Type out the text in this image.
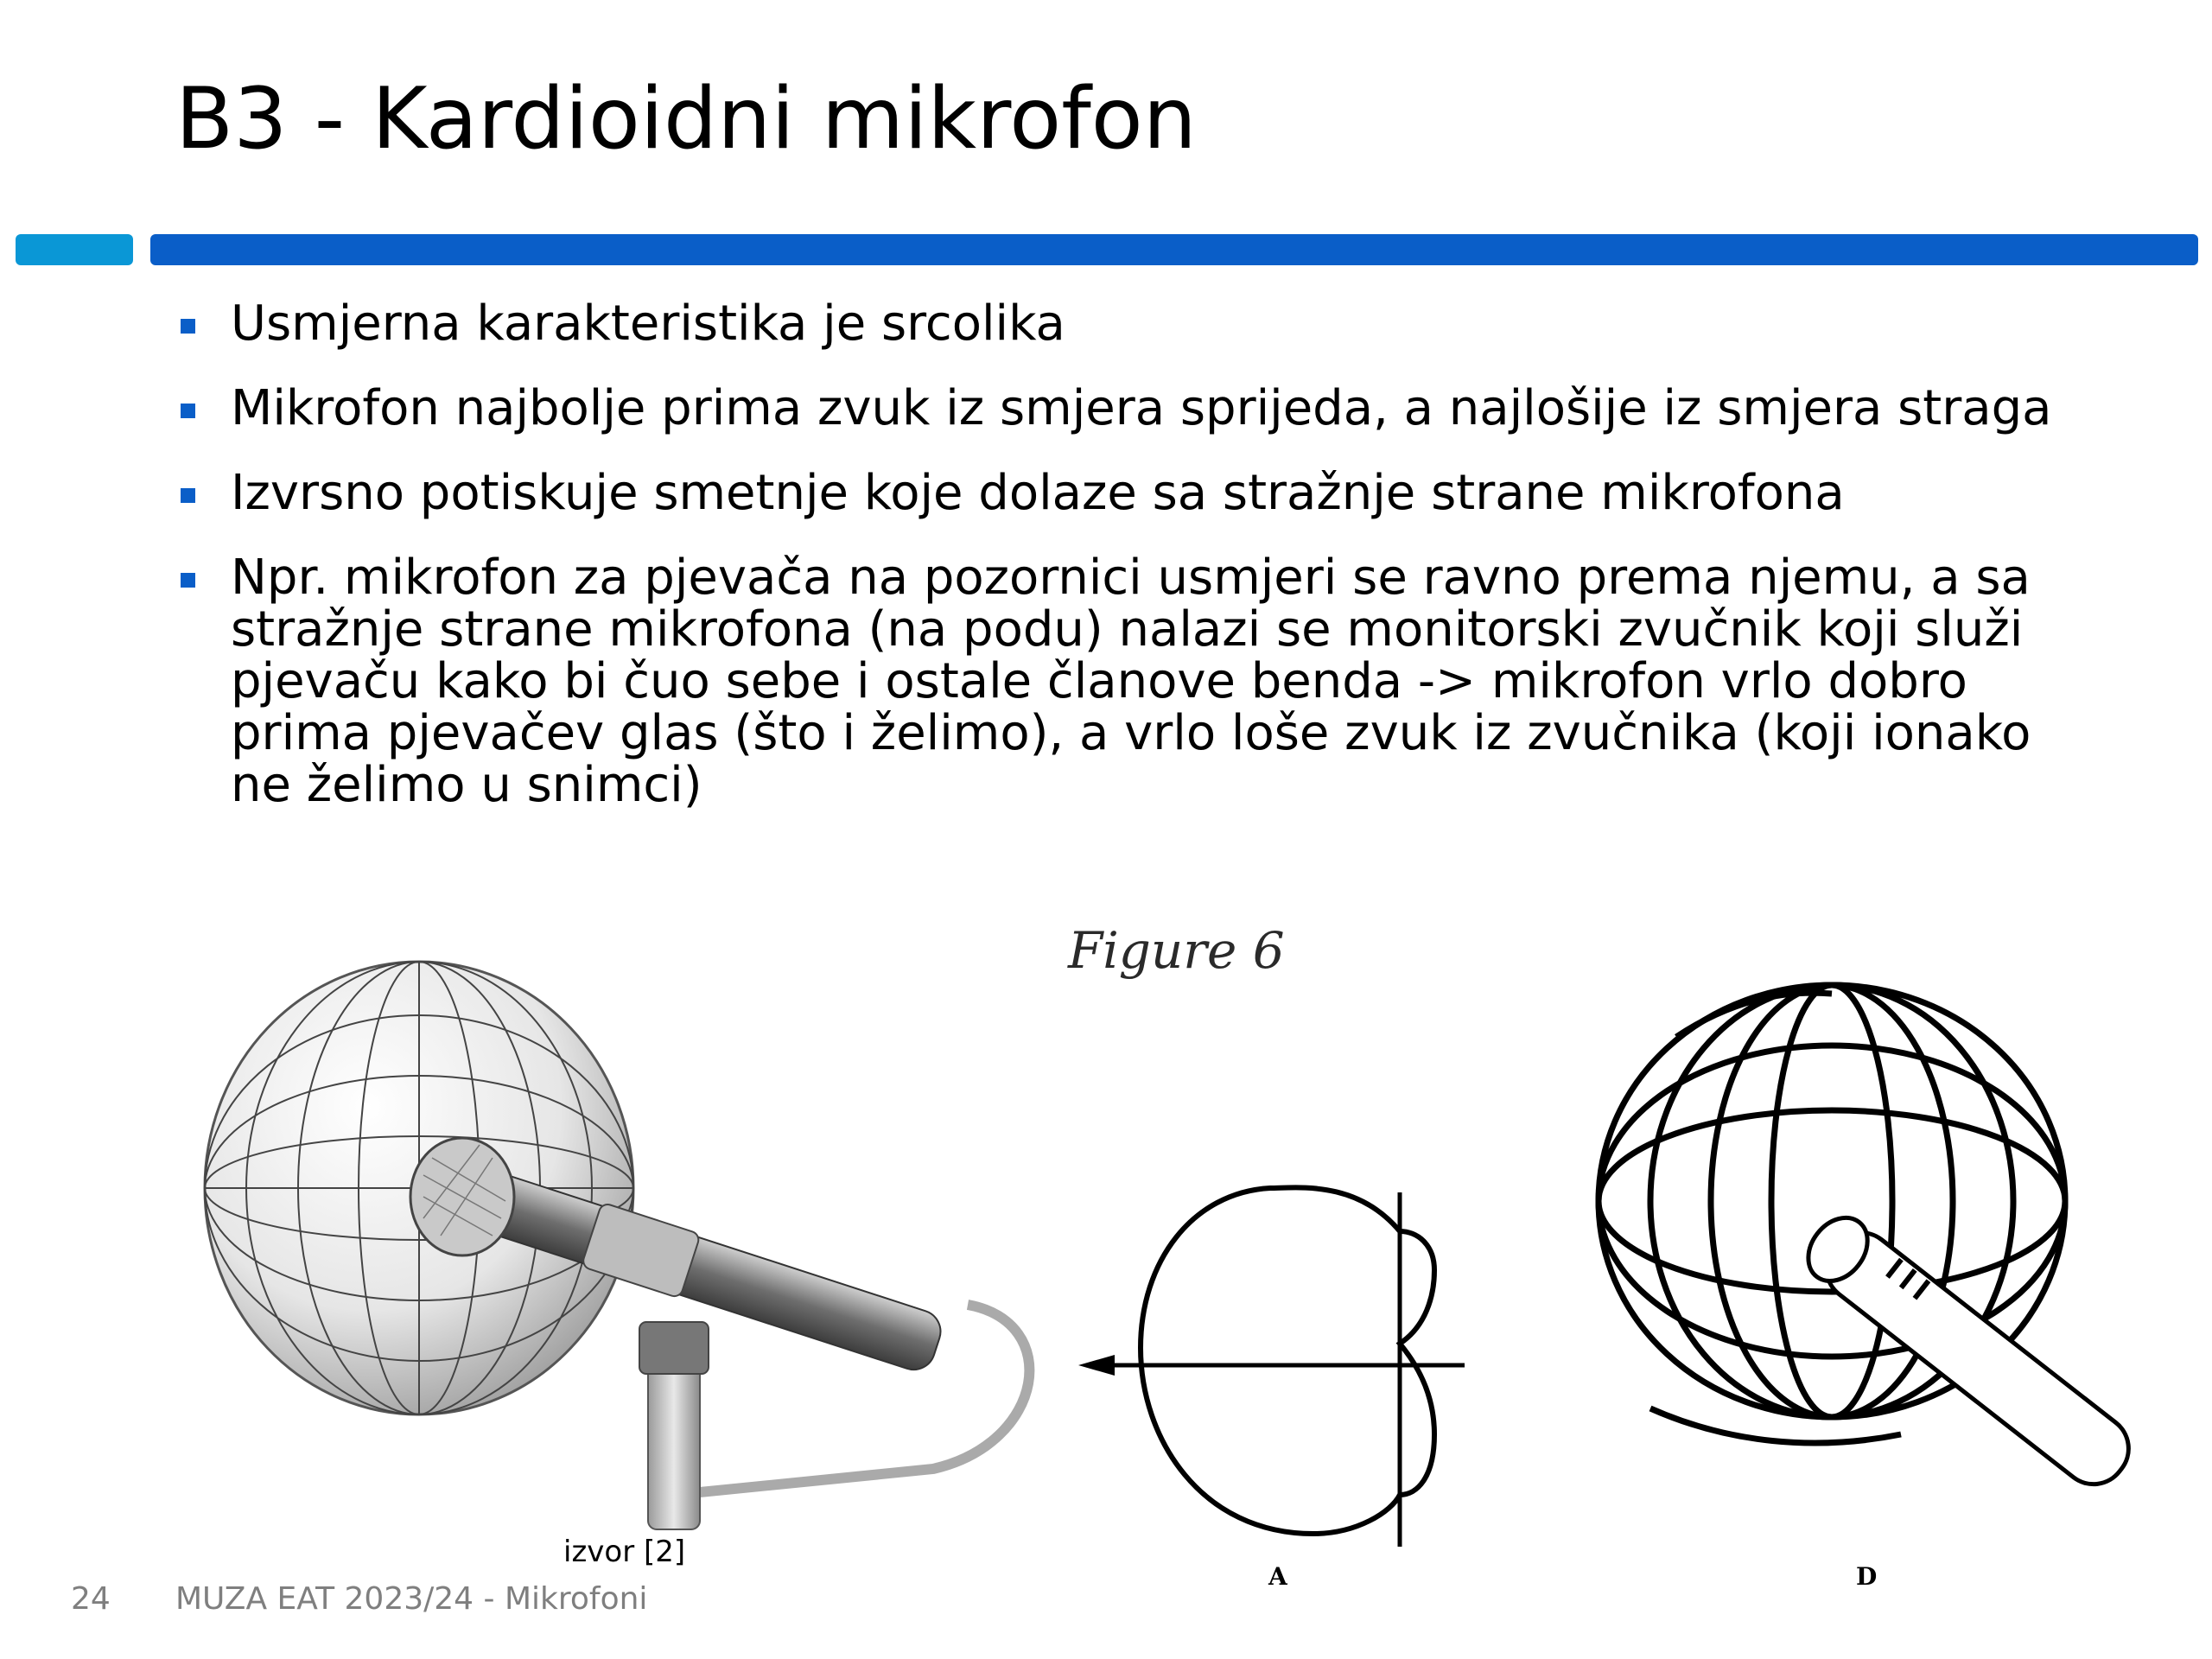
B3 - Kardioidni mikrofon
Usmjerna karakteristika je srcolika
Mikrofon najbolje prima zvuk iz smjera sprijeda, a najlošije iz smjera straga
Izvrsno potiskuje smetnje koje dolaze sa stražnje strane mikrofona
Npr. mikrofon za pjevača na pozornici usmjeri se ravno prema njemu, a sa stražnje strane mikrofona (na podu) nalazi se monitorski zvučnik koji služi pjevaču kako bi čuo sebe i ostale članove benda -> mikrofon vrlo dobro prima pjevačev glas (što i želimo), a vrlo loše zvuk iz zvučnika (koji ionako ne želimo u snimci)
izvor [2]
Figure 6
A	D
24 MUZA EAT 2023/24 - Mikrofoni
